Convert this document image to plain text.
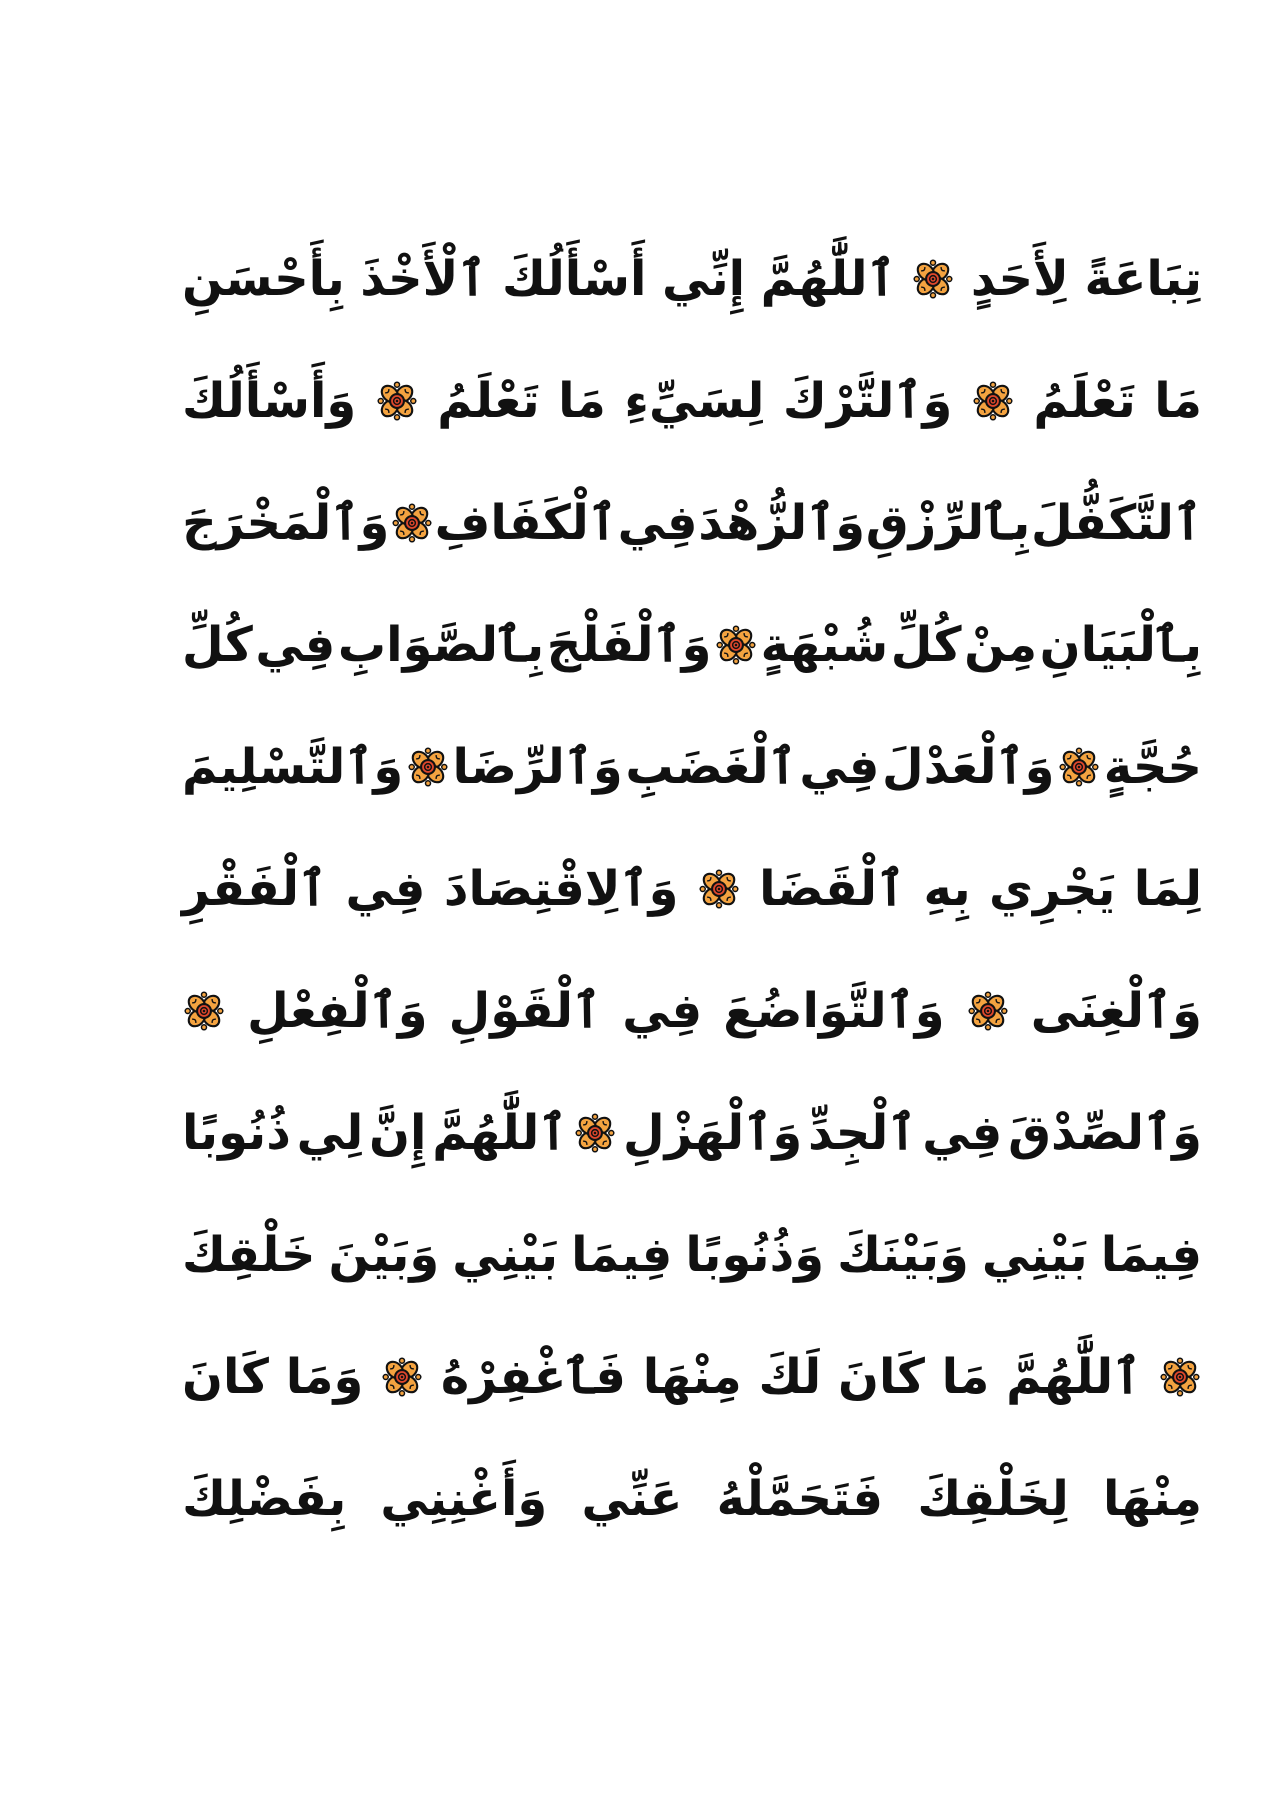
تِبَاعَةً
لِأَحَدٍ
ٱللَّٰهُمَّ
إِنِّي
أَسْأَلُكَ
ٱلْأَخْذَ
بِأَحْسَنِ
مَا
تَعْلَمُ
وَٱلتَّرْكَ
لِسَيِّءِ
مَا
تَعْلَمُ
وَأَسْأَلُكَ
ٱلتَّكَفُّلَ
بِٱلرِّزْقِ
وَٱلزُّهْدَ
فِي
ٱلْكَفَافِ
وَٱلْمَخْرَجَ
بِٱلْبَيَانِ
مِنْ
كُلِّ
شُبْهَةٍ
وَٱلْفَلْجَ
بِٱلصَّوَابِ
فِي
كُلِّ
حُجَّةٍ
وَٱلْعَدْلَ
فِي
ٱلْغَضَبِ
وَٱلرِّضَا
وَٱلتَّسْلِيمَ
لِمَا
يَجْرِي
بِهِ
ٱلْقَضَا
وَٱلِاقْتِصَادَ
فِي
ٱلْفَقْرِ
وَٱلْغِنَى
وَٱلتَّوَاضُعَ
فِي
ٱلْقَوْلِ
وَٱلْفِعْلِ
وَٱلصِّدْقَ
فِي
ٱلْجِدِّ
وَٱلْهَزْلِ
ٱللَّٰهُمَّ
إِنَّ
لِي
ذُنُوبًا
فِيمَا
بَيْنِي
وَبَيْنَكَ
وَذُنُوبًا
فِيمَا
بَيْنِي
وَبَيْنَ
خَلْقِكَ
ٱللَّٰهُمَّ
مَا
كَانَ
لَكَ
مِنْهَا
فَٱغْفِرْهُ
وَمَا
كَانَ
مِنْهَا
لِخَلْقِكَ
فَتَحَمَّلْهُ
عَنِّي
وَأَغْنِنِي
بِفَضْلِكَ
